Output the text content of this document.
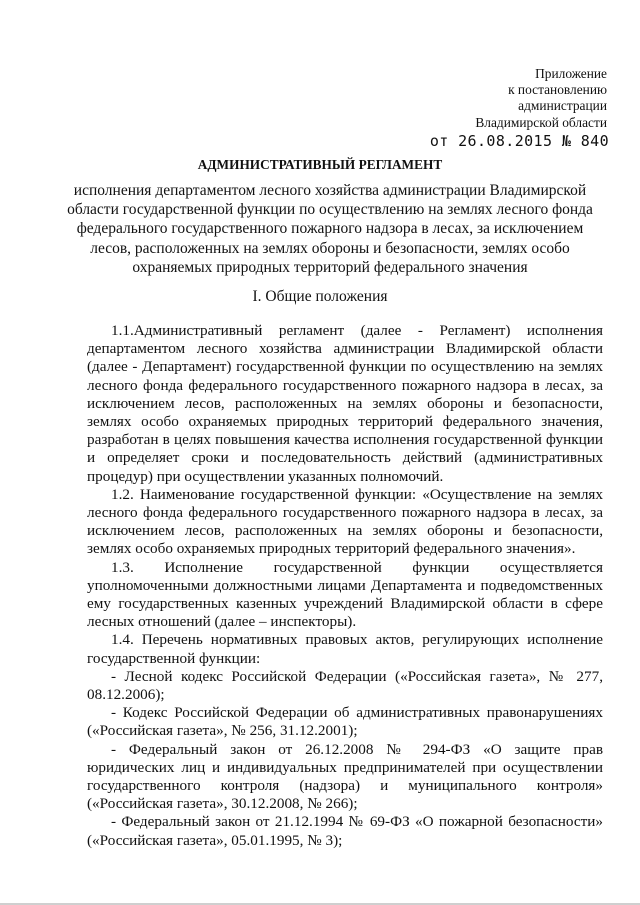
Приложение
к постановлению
администрации
Владимирской области
от 26.08.2015 № 840
АДМИНИСТРАТИВНЫЙ РЕГЛАМЕНТ
исполнения департаментом лесного хозяйства администрации Владимирской области государственной функции по осуществлению на землях лесного фонда федерального государственного пожарного надзора в лесах, за исключением лесов, расположенных на землях обороны и безопасности, землях особо охраняемых природных территорий федерального значения
I. Общие положения

1.1.Административный регламент (далее - Регламент) исполнения департаментом лесного хозяйства администрации Владимирской области (далее - Департамент) государственной функции по осуществлению на землях лесного фонда федерального государственного пожарного надзора в лесах, за исключением лесов, расположенных на землях обороны и безопасности, землях особо охраняемых природных территорий федерального значения, разработан в целях повышения качества исполнения государственной функции и определяет сроки и последовательность действий (административных процедур) при осуществлении указанных полномочий.

1.2. Наименование государственной функции: «Осуществление на землях лесного фонда федерального государственного пожарного надзора в лесах, за исключением лесов, расположенных на землях обороны и безопасности, землях особо охраняемых природных территорий федерального значения».

1.3. Исполнение государственной функции осуществляется уполномоченными должностными лицами Департамента и подведомственных ему государственных казенных учреждений Владимирской области в сфере лесных отношений (далее – инспекторы).

1.4. Перечень нормативных правовых актов, регулирующих исполнение государственной функции:

- Лесной кодекс Российской Федерации («Российская газета», № 277, 08.12.2006);

- Кодекс Российской Федерации об административных правонарушениях («Российская газета», № 256, 31.12.2001);

- Федеральный закон от 26.12.2008 № 294-ФЗ «О защите прав юридических лиц и индивидуальных предпринимателей при осуществлении государственного контроля (надзора) и муниципального контроля» («Российская газета», 30.12.2008, № 266);

- Федеральный закон от 21.12.1994 № 69-ФЗ «О пожарной безопасности» («Российская газета», 05.01.1995, № 3);
